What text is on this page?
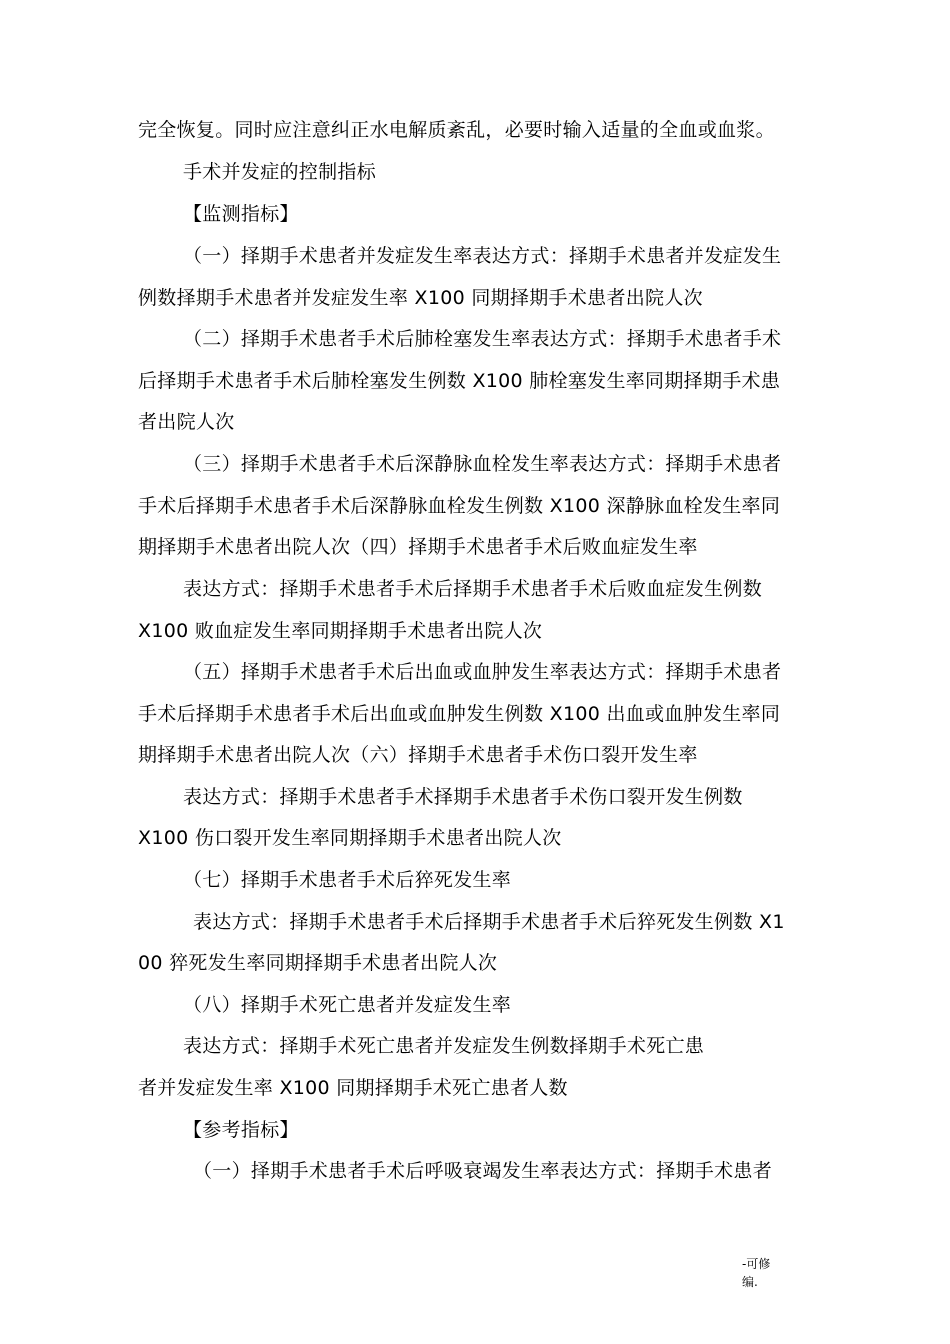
完全恢复。同时应注意纠正水电解质紊乱，必要时输入适量的全血或血浆。
手术并发症的控制指标
【监测指标】
（一）择期手术患者并发症发生率表达方式：择期手术患者并发症发生
例数择期手术患者并发症发生率 X100 同期择期手术患者出院人次
（二）择期手术患者手术后肺栓塞发生率表达方式：择期手术患者手术
后择期手术患者手术后肺栓塞发生例数 X100 肺栓塞发生率同期择期手术患
者出院人次
（三）择期手术患者手术后深静脉血栓发生率表达方式：择期手术患者
手术后择期手术患者手术后深静脉血栓发生例数 X100 深静脉血栓发生率同
期择期手术患者出院人次（四）择期手术患者手术后败血症发生率
表达方式：择期手术患者手术后择期手术患者手术后败血症发生例数
X100 败血症发生率同期择期手术患者出院人次
（五）择期手术患者手术后出血或血肿发生率表达方式：择期手术患者
手术后择期手术患者手术后出血或血肿发生例数 X100 出血或血肿发生率同
期择期手术患者出院人次（六）择期手术患者手术伤口裂开发生率
表达方式：择期手术患者手术择期手术患者手术伤口裂开发生例数
X100 伤口裂开发生率同期择期手术患者出院人次
（七）择期手术患者手术后猝死发生率
表达方式：择期手术患者手术后择期手术患者手术后猝死发生例数 X1
00 猝死发生率同期择期手术患者出院人次
（八）择期手术死亡患者并发症发生率
表达方式：择期手术死亡患者并发症发生例数择期手术死亡患
者并发症发生率 X100 同期择期手术死亡患者人数
【参考指标】
（一）择期手术患者手术后呼吸衰竭发生率表达方式：择期手术患者
-可修
编.
